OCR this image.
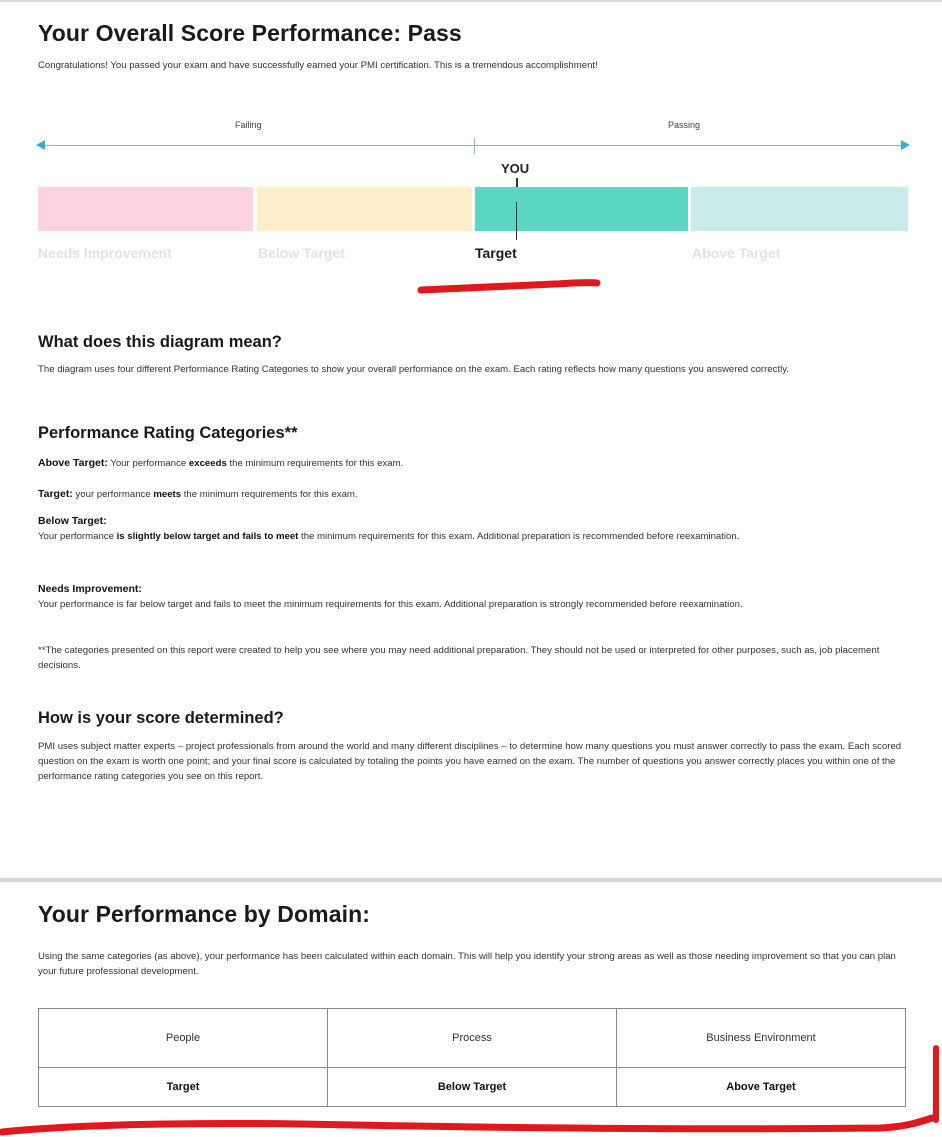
Your Overall Score Performance: Pass
Congratulations! You passed your exam and have successfully earned your PMI certification. This is a tremendous accomplishment!
Failing	Passing
YOU
Needs Improvement	Below Target	Target	Above Target
What does this diagram mean?
The diagram uses four different Performance Rating Categories to show your overall performance on the exam. Each rating reflects how many questions you answered correctly.
Performance Rating Categories**
Above Target: Your performance exceeds the minimum requirements for this exam.
Target: your performance meets the minimum requirements for this exam.
Below Target:
Your performance is slightly below target and fails to meet the minimum requirements for this exam. Additional preparation is recommended before reexamination.
Needs Improvement:
Your performance is far below target and fails to meet the minimum requirements for this exam. Additional preparation is strongly recommended before reexamination.
**The categories presented on this report were created to help you see where you may need additional preparation. They should not be used or interpreted for other purposes, such as, job placement decisions.
How is your score determined?
PMI uses subject matter experts – project professionals from around the world and many different disciplines – to determine how many questions you must answer correctly to pass the exam. Each scored question on the exam is worth one point; and your final score is calculated by totaling the points you have earned on the exam. The number of questions you answer correctly places you within one of the performance rating categories you see on this report.
Your Performance by Domain:
Using the same categories (as above), your performance has been calculated within each domain. This will help you identify your strong areas as well as those needing improvement so that you can plan your future professional development.
People	Process	Business Environment
Target	Below Target	Above Target
